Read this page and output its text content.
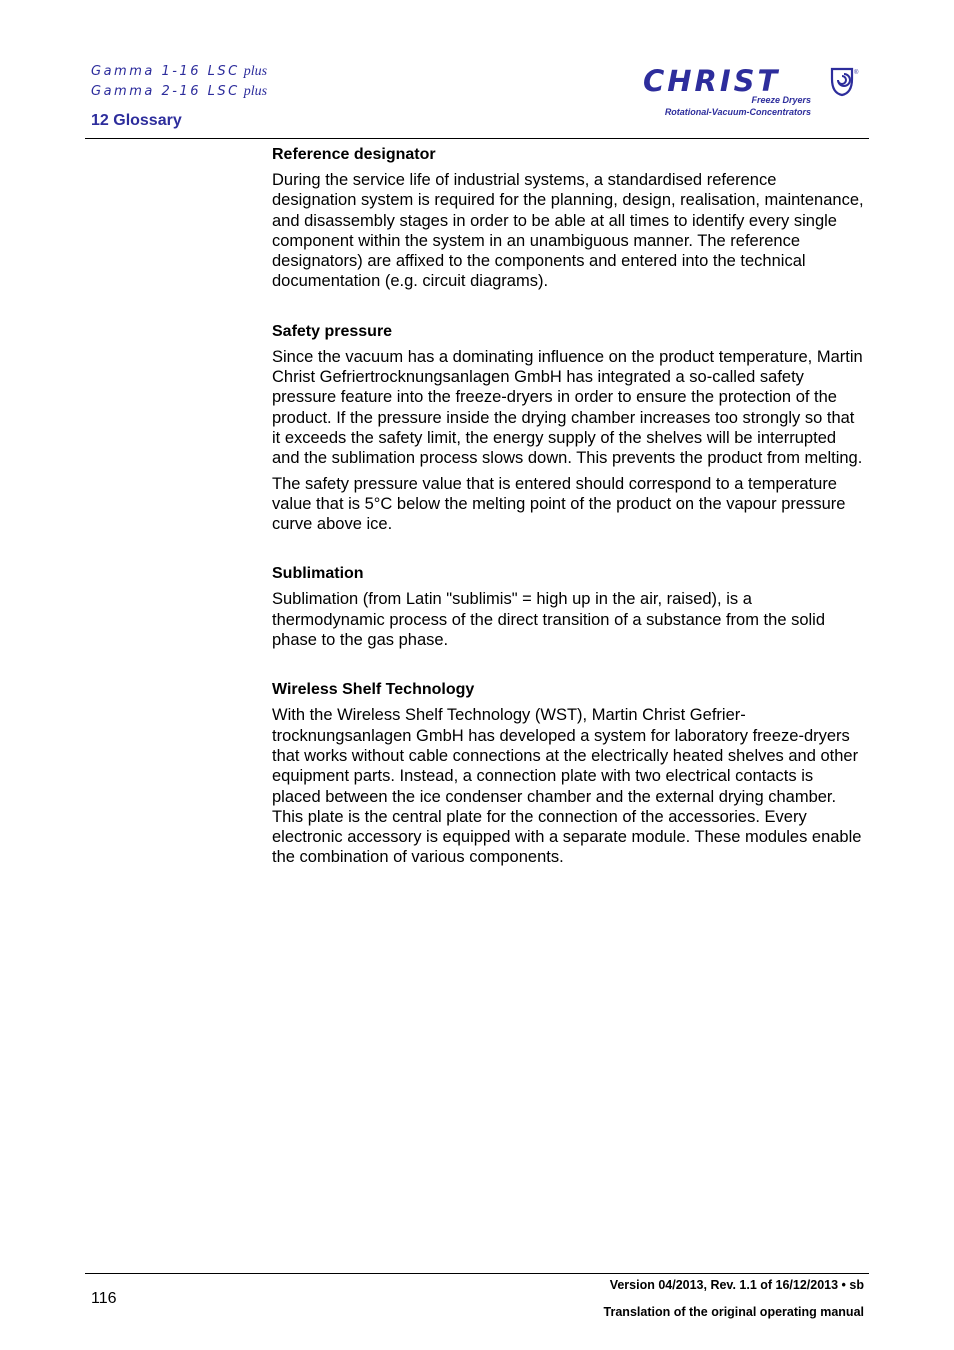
Gamma 1-16 LSC plus
Gamma 2-16 LSC plus
12 Glossary
CHRIST
Freeze Dryers
Rotational-Vacuum-Concentrators
®
Reference designator

During the service life of industrial systems, a standardised reference designation system is required for the planning, design, realisation, maintenance, and disassembly stages in order to be able at all times to identify every single component within the system in an unambiguous manner. The reference designators) are affixed to the components and entered into the technical documentation (e.g. circuit diagrams).

Safety pressure

Since the vacuum has a dominating influence on the product temperature, Martin Christ Gefriertrocknungsanlagen GmbH has integrated a so-called safety pressure feature into the freeze-dryers in order to ensure the protection of the product. If the pressure inside the drying chamber increases too strongly so that it exceeds the safety limit, the energy supply of the shelves will be interrupted and the sublimation process slows down. This prevents the product from melting.

The safety pressure value that is entered should correspond to a temperature value that is 5°C below the melting point of the product on the vapour pressure curve above ice.

Sublimation

Sublimation (from Latin "sublimis" = high up in the air, raised), is a thermodynamic process of the direct transition of a substance from the solid phase to the gas phase.

Wireless Shelf Technology

With the Wireless Shelf Technology (WST), Martin Christ Gefrier-trocknungsanlagen GmbH has developed a system for laboratory freeze-dryers that works without cable connections at the electrically heated shelves and other equipment parts. Instead, a connection plate with two electrical contacts is placed between the ice condenser chamber and the external drying chamber. This plate is the central plate for the connection of the accessories. Every electronic accessory is equipped with a separate module. These modules enable the combination of various components.

116
Version 04/2013, Rev. 1.1 of 16/12/2013 • sb
Translation of the original operating manual
